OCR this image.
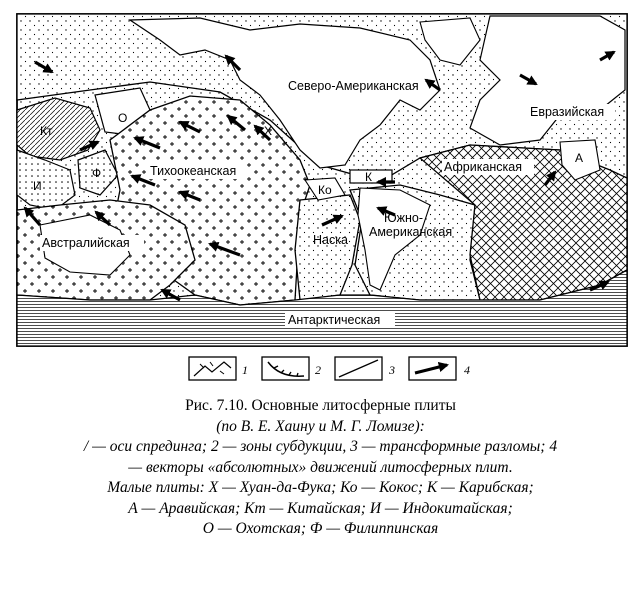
Северо-Американская
Евразийская
Тихоокеанская	Африканская
Южно-
Американская
Наска
Австралийская
Антарктическая
Х
Ко
К
А
Кт
И
О
Ф
1	2	3	4
Рис. 7.10. Основные литосферные плиты
(по В. Е. Хаину и М. Г. Ломизе):
/ — оси спрединга; 2 — зоны субдукции, 3 — трансформные разломы; 4
— векторы «абсолютных» движений литосферных плит.
Малые плиты: Х — Хуан-да-Фука; Ко — Кокос; К — Карибская;
А — Аравийская; Кт — Китайская; И — Индокитайская;
О — Охотская; Ф — Филиппинская
